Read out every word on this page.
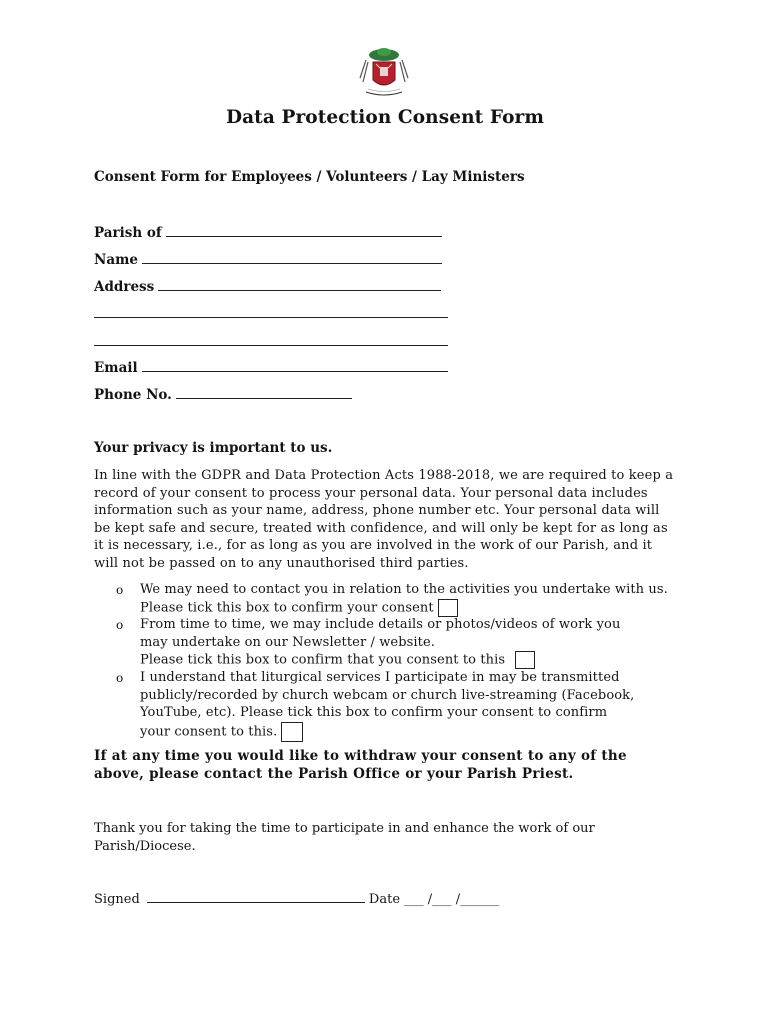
Data Protection Consent Form
Consent Form for Employees / Volunteers / Lay Ministers
Parish of
Name
Address
Email
Phone No.
Your privacy is important to us.
In line with the GDPR and Data Protection Acts 1988-2018, we are required to keep a record of your consent to process your personal data. Your personal data includes information such as your name, address, phone number etc. Your personal data will be kept safe and secure, treated with confidence, and will only be kept for as long as it is necessary, i.e., for as long as you are involved in the work of our Parish, and it will not be passed on to any unauthorised third parties.
o We may need to contact you in relation to the activities you undertake with us.
Please tick this box to confirm your consent
o From time to time, we may include details or photos/videos of work you may undertake on our Newsletter / website.
Please tick this box to confirm that you consent to this
o I understand that liturgical services I participate in may be transmitted publicly/recorded by church webcam or church live-streaming (Facebook, YouTube, etc). Please tick this box to confirm your consent to confirm your consent to this.
If at any time you would like to withdraw your consent to any of the above, please contact the Parish Office or your Parish Priest.
Thank you for taking the time to participate in and enhance the work of our Parish/Diocese.
Signed	Date ___ /___ /______
